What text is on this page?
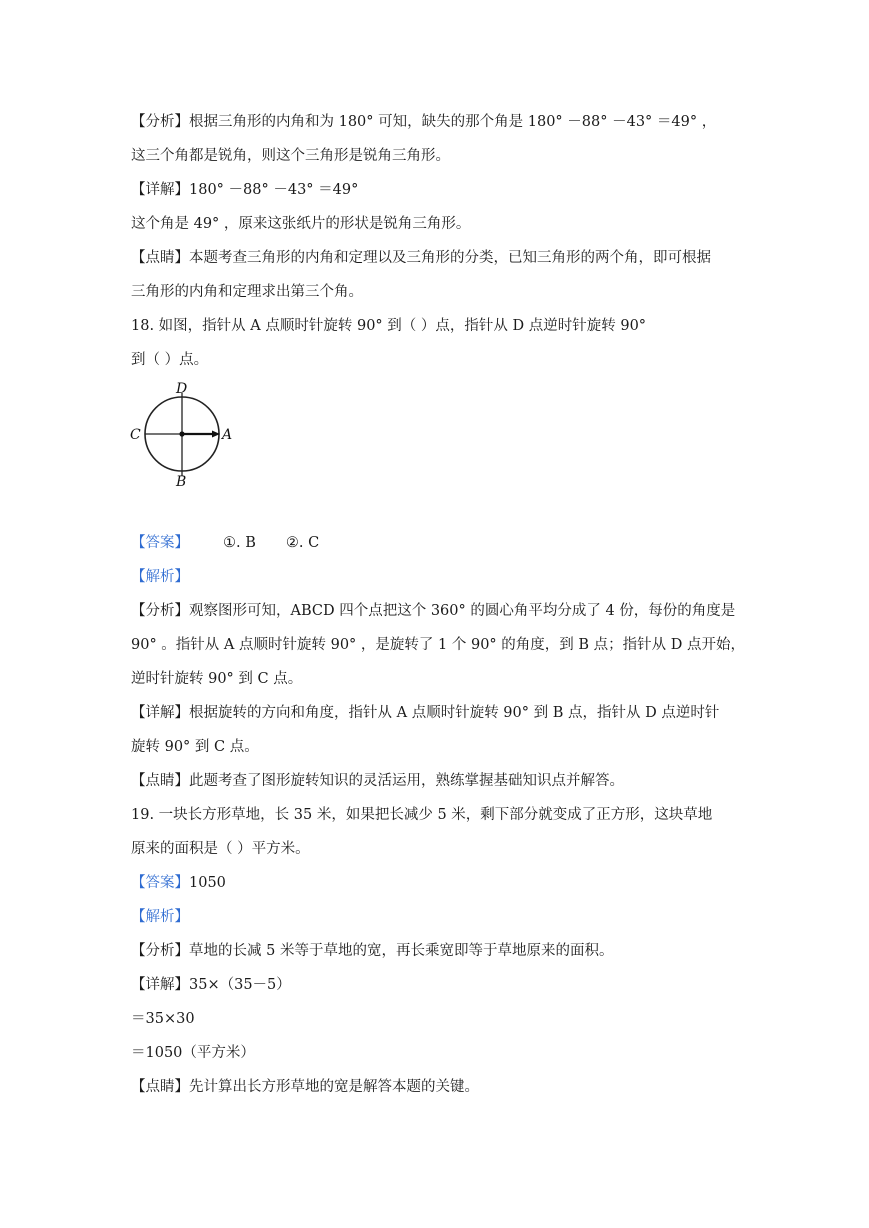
【分析】根据三角形的内角和为 180° 可知，缺失的那个角是 180° －88° －43° ＝49° ，

这三个角都是锐角，则这个三角形是锐角三角形。

【详解】180° －88° －43° ＝49°

这个角是 49° ，原来这张纸片的形状是锐角三角形。

【点睛】本题考查三角形的内角和定理以及三角形的分类，已知三角形的两个角，即可根据

三角形的内角和定理求出第三个角。

18. 如图，指针从 A 点顺时针旋转 90° 到（ ）点，指针从 D 点逆时针旋转 90°

到（ ）点。

D
C	A
B

【答案】 ①. B ②. C

【解析】

【分析】观察图形可知，ABCD 四个点把这个 360° 的圆心角平均分成了 4 份，每份的角度是

90° 。指针从 A 点顺时针旋转 90° ，是旋转了 1 个 90° 的角度，到 B 点；指针从 D 点开始，

逆时针旋转 90° 到 C 点。

【详解】根据旋转的方向和角度，指针从 A 点顺时针旋转 90° 到 B 点，指针从 D 点逆时针

旋转 90° 到 C 点。

【点睛】此题考查了图形旋转知识的灵活运用，熟练掌握基础知识点并解答。

19. 一块长方形草地，长 35 米，如果把长减少 5 米，剩下部分就变成了正方形，这块草地

原来的面积是（ ）平方米。

【答案】1050

【解析】

【分析】草地的长减 5 米等于草地的宽，再长乘宽即等于草地原来的面积。

【详解】35×（35－5）

＝35×30

＝1050（平方米）

【点睛】先计算出长方形草地的宽是解答本题的关键。
